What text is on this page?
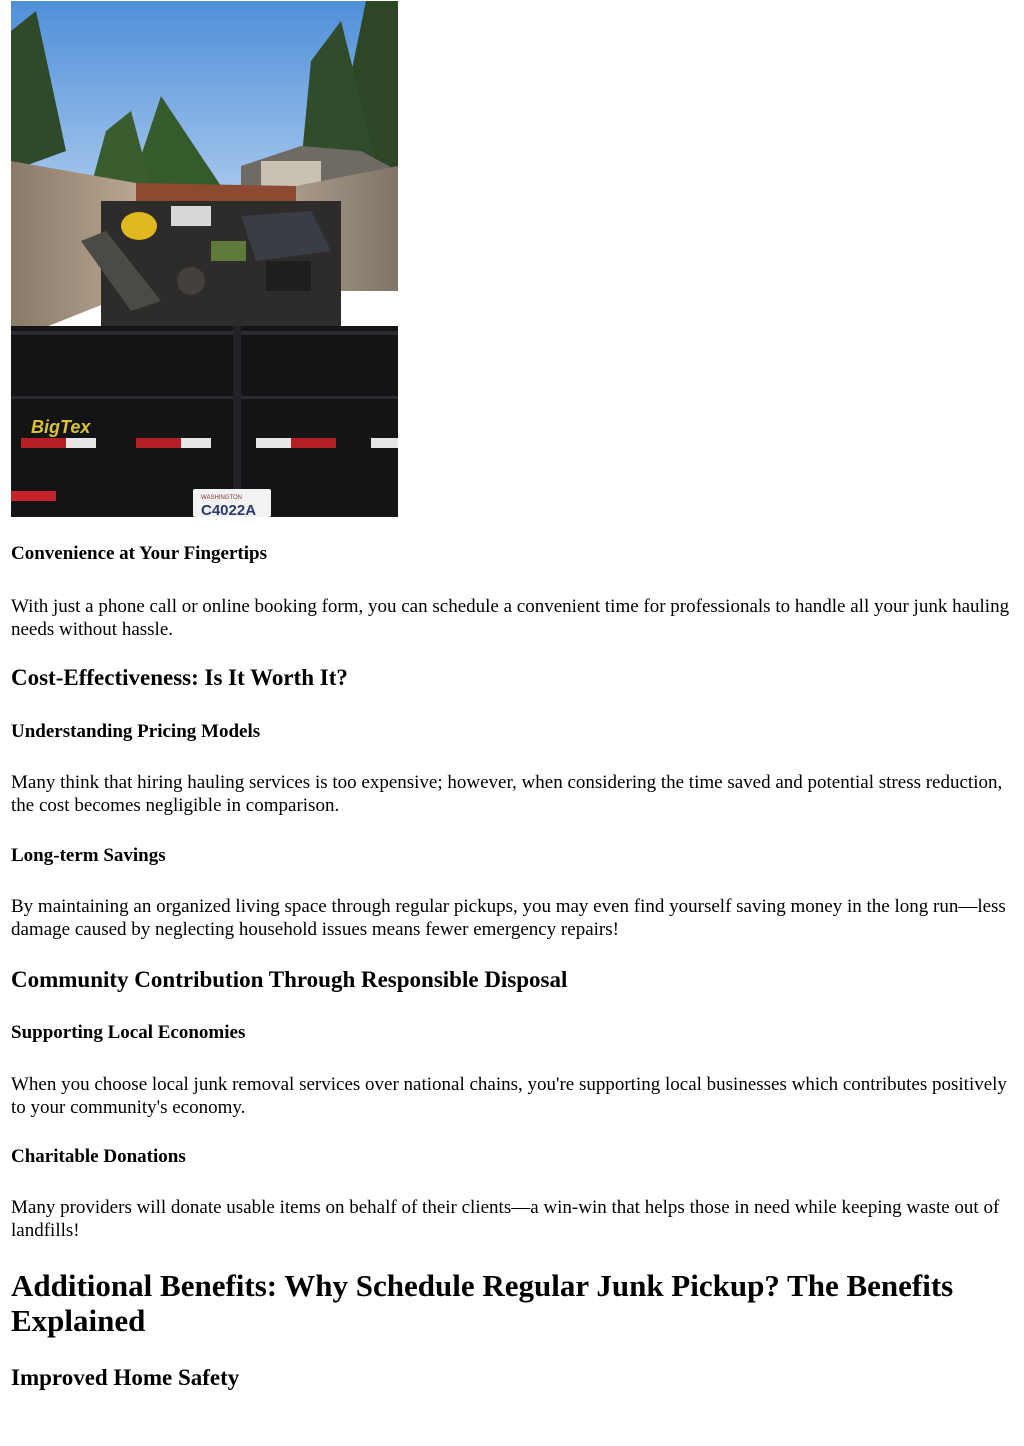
BigTex
WASHINGTON
C4022A
Convenience at Your Fingertips

With just a phone call or online booking form, you can schedule a convenient time for professionals to handle all your junk hauling needs without hassle.

Cost-Effectiveness: Is It Worth It?
Understanding Pricing Models

Many think that hiring hauling services is too expensive; however, when considering the time saved and potential stress reduction, the cost becomes negligible in comparison.

Long-term Savings

By maintaining an organized living space through regular pickups, you may even find yourself saving money in the long run—less damage caused by neglecting household issues means fewer emergency repairs!

Community Contribution Through Responsible Disposal
Supporting Local Economies

When you choose local junk removal services over national chains, you're supporting local businesses which contributes positively to your community's economy.

Charitable Donations

Many providers will donate usable items on behalf of their clients—a win-win that helps those in need while keeping waste out of landfills!

Additional Benefits: Why Schedule Regular Junk Pickup? The Benefits Explained
Improved Home Safety
